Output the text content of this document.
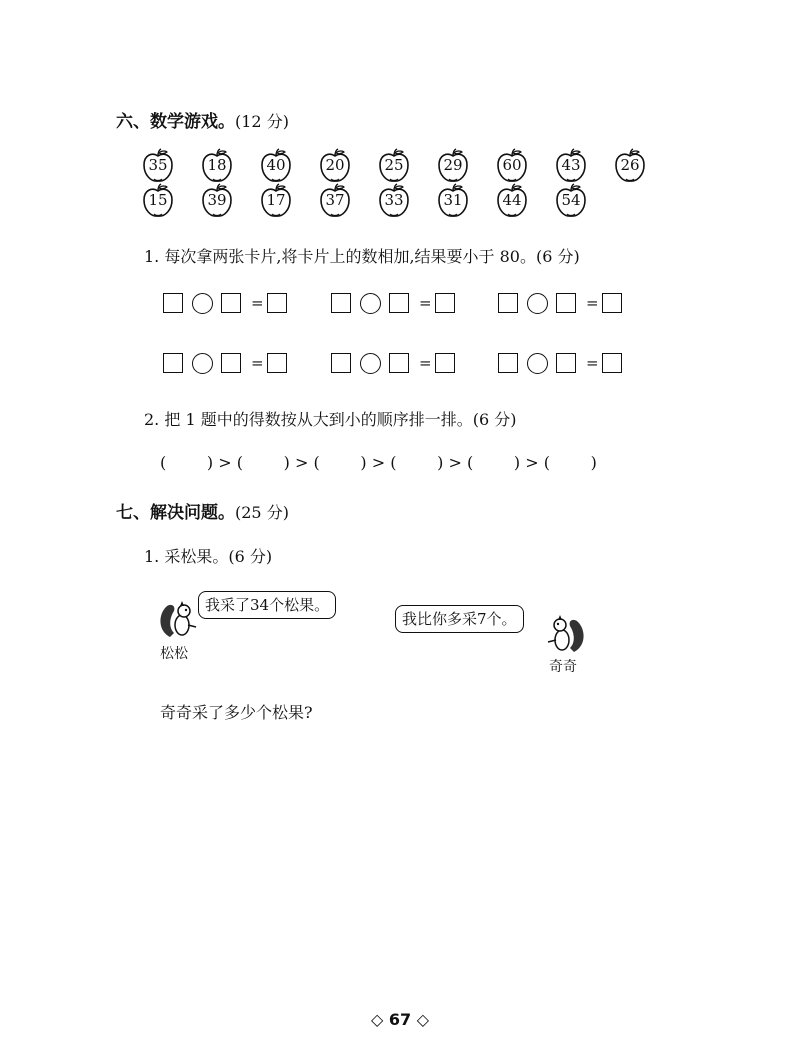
六、数学游戏。(12 分)
35	18	40	20	25	29	60	43	26
15	39	17	37	33	31	44	54
1. 每次拿两张卡片,将卡片上的数相加,结果要小于 80。(6 分)
=	=	=
=	=	=
2. 把 1 题中的得数按从大到小的顺序排一排。(6 分)
(        ) > (        ) > (        ) > (        ) > (        ) > (        )
七、解决问题。(25 分)
1. 采松果。(6 分)
我采了34个松果。
松松
我比你多采7个。
奇奇
奇奇采了多少个松果?
◇ 67 ◇
